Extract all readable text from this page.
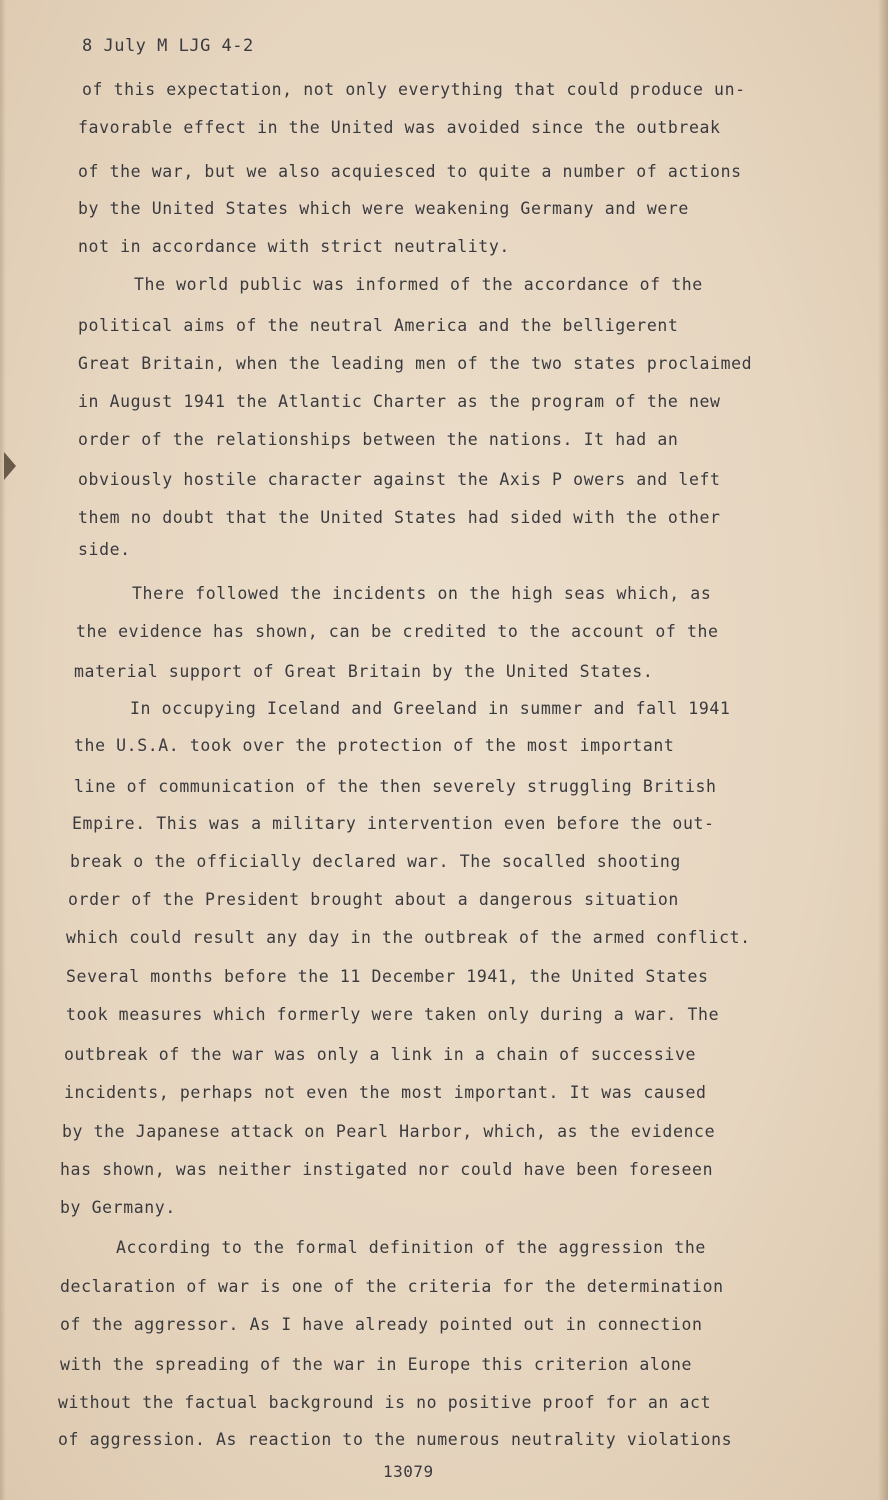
8 July M LJG 4-2
of this expectation, not only everything that could produce un-
favorable effect in the United was avoided since the outbreak
of the war, but we also acquiesced to quite a number of actions
by the United States which were weakening Germany and were
not in accordance with strict neutrality.
The world public was informed of the accordance of the
political aims of the neutral America and the belligerent
Great Britain, when the leading men of the two states proclaimed
in August 1941 the Atlantic Charter as the program of the new
order of the relationships between the nations. It had an
obviously hostile character against the Axis P owers and left
them no doubt that the United States had sided with the other
side.
There followed the incidents on the high seas which, as
the evidence has shown, can be credited to the account of the
material support of Great Britain by the United States.
In occupying Iceland and Greeland in summer and fall 1941
the U.S.A. took over the protection of the most important
line of communication of the then severely struggling British
Empire. This was a military intervention even before the out-
break o the officially declared war. The socalled shooting
order of the President brought about a dangerous situation
which could result any day in the outbreak of the armed conflict.
Several months before the 11 December 1941, the United States
took measures which formerly were taken only during a war. The
outbreak of the war was only a link in a chain of successive
incidents, perhaps not even the most important. It was caused
by the Japanese attack on Pearl Harbor, which, as the evidence
has shown, was neither instigated nor could have been foreseen
by Germany.
According to the formal definition of the aggression the
declaration of war is one of the criteria for the determination
of the aggressor. As I have already pointed out in connection
with the spreading of the war in Europe this criterion alone
without the factual background is no positive proof for an act
of aggression. As reaction to the numerous neutrality violations
13079
